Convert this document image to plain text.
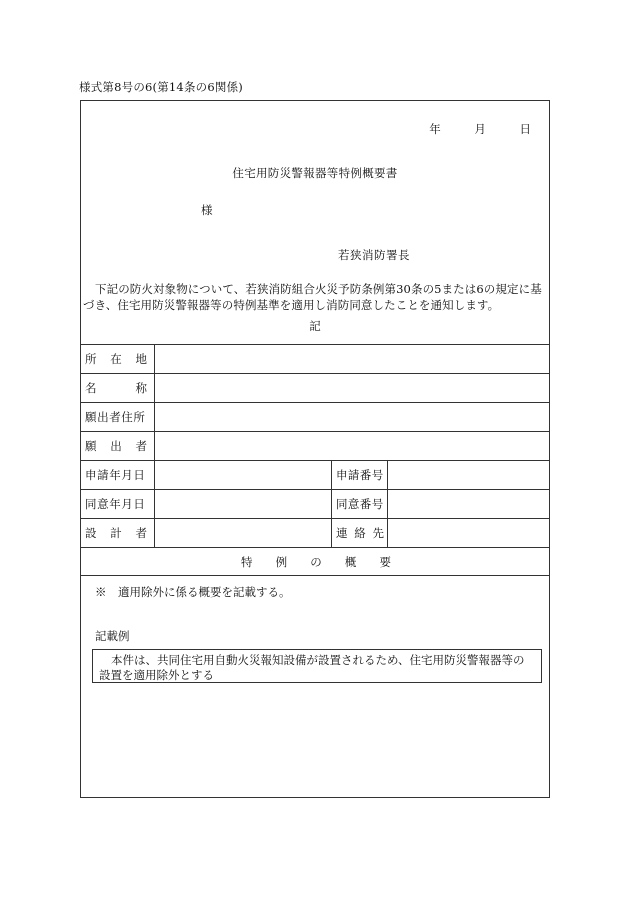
様式第8号の6(第14条の6関係)
年	月	日
住宅用防災警報器等特例概要書
様
若狭消防署長
下記の防火対象物について、若狭消防組合火災予防条例第30条の5または6の規定に基づき、住宅用防災警報器等の特例基準を適用し消防同意したことを通知します。
記
所 在 地
名	称
願出者住所
願 出 者
申請年月日	申請番号
同意年月日	同意番号
設 計 者	連 絡 先
特 例 の 概 要
※　適用除外に係る概要を記載する。
記載例
本件は、共同住宅用自動火災報知設備が設置されるため、住宅用防災警報器等の設置を適用除外とする
